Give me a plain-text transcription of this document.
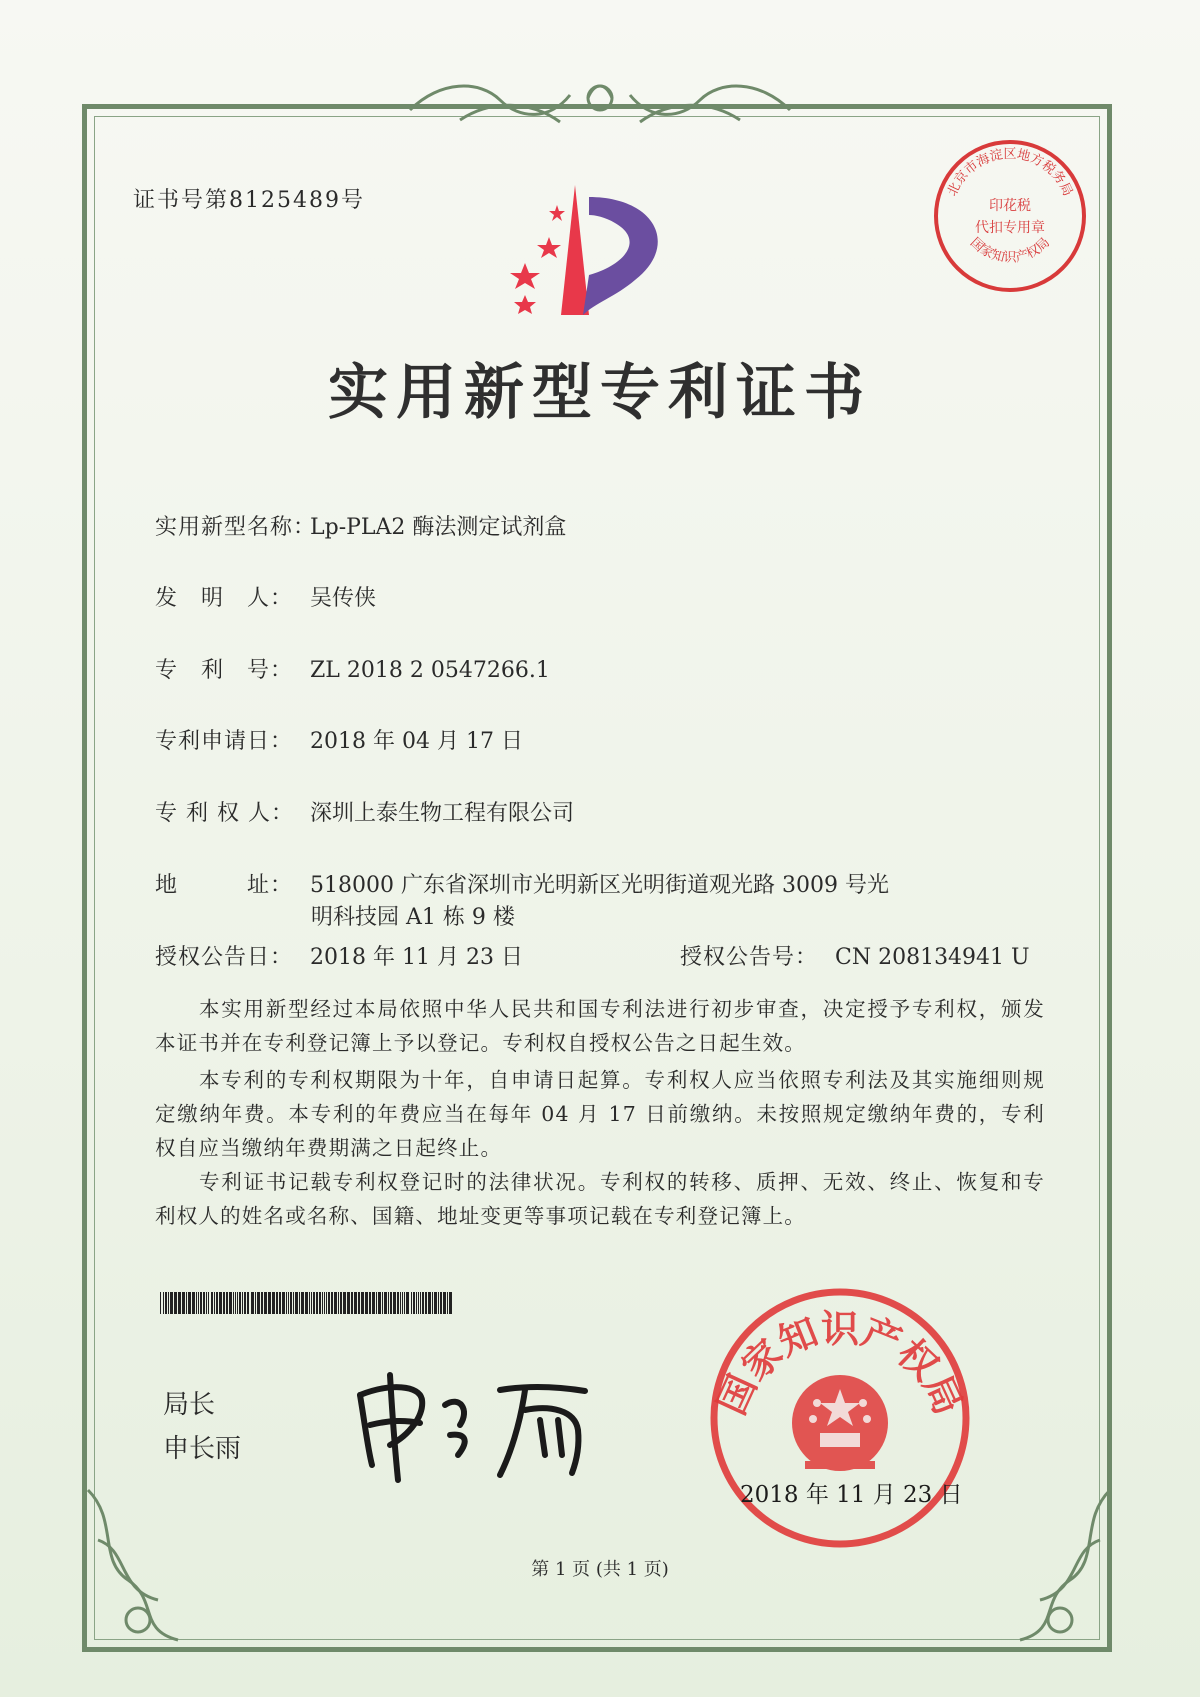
证书号第8125489号	北京市海淀区地方税务局
国家知识产权局
印花税
代扣专用章
实用新型专利证书
实用新型名称：Lp-PLA2 酶法测定试剂盒
发　明　人： 吴传侠
专　利　号： ZL 2018 2 0547266.1
专利申请日： 2018 年 04 月 17 日
专 利 权 人： 深圳上泰生物工程有限公司
地　　　址： 518000 广东省深圳市光明新区光明街道观光路 3009 号光
明科技园 A1 栋 9 楼
授权公告日： 2018 年 11 月 23 日	授权公告号： CN 208134941 U
本实用新型经过本局依照中华人民共和国专利法进行初步审查，决定授予专利权，颁发本证书并在专利登记簿上予以登记。专利权自授权公告之日起生效。
本专利的专利权期限为十年，自申请日起算。专利权人应当依照专利法及其实施细则规定缴纳年费。本专利的年费应当在每年 04 月 17 日前缴纳。未按照规定缴纳年费的，专利权自应当缴纳年费期满之日起终止。
专利证书记载专利权登记时的法律状况。专利权的转移、质押、无效、终止、恢复和专利权人的姓名或名称、国籍、地址变更等事项记载在专利登记簿上。
局长
申长雨
国家知识产权局
2018 年 11 月 23 日
第 1 页 (共 1 页)
